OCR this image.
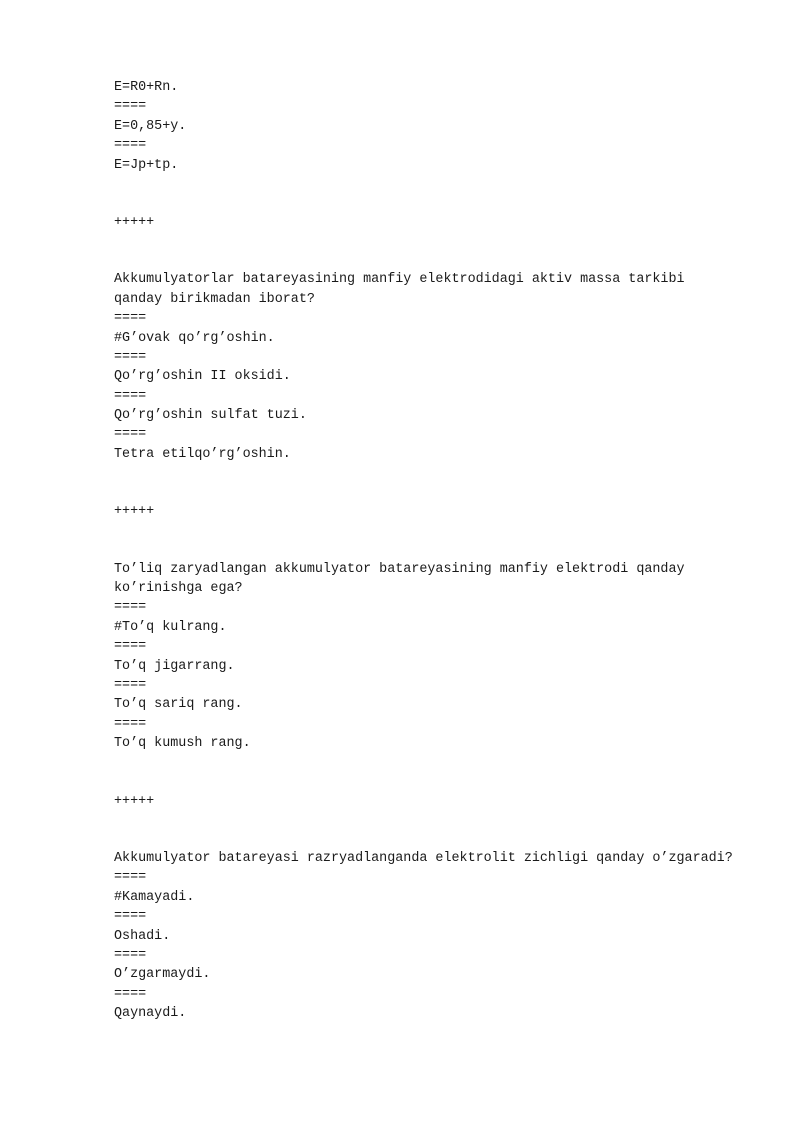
E=R0+Rn.
====
E=0,85+y.
====
E=Jp+tp.
+++++
Akkumulyatorlar batareyasining manfiy elektrodidagi aktiv massa tarkibi
qanday birikmadan iborat?
====
#G’ovak qo’rg’oshin.
====
Qo’rg’oshin II oksidi.
====
Qo’rg’oshin sulfat tuzi.
====
Tetra etilqo’rg’oshin.
+++++
To’liq zaryadlangan akkumulyator batareyasining manfiy elektrodi qanday
ko’rinishga ega?
====
#To’q kulrang.
====
To’q jigarrang.
====
To’q sariq rang.
====
To’q kumush rang.
+++++
Akkumulyator batareyasi razryadlanganda elektrolit zichligi qanday o’zgaradi?
====
#Kamayadi.
====
Oshadi.
====
O’zgarmaydi.
====
Qaynaydi.
